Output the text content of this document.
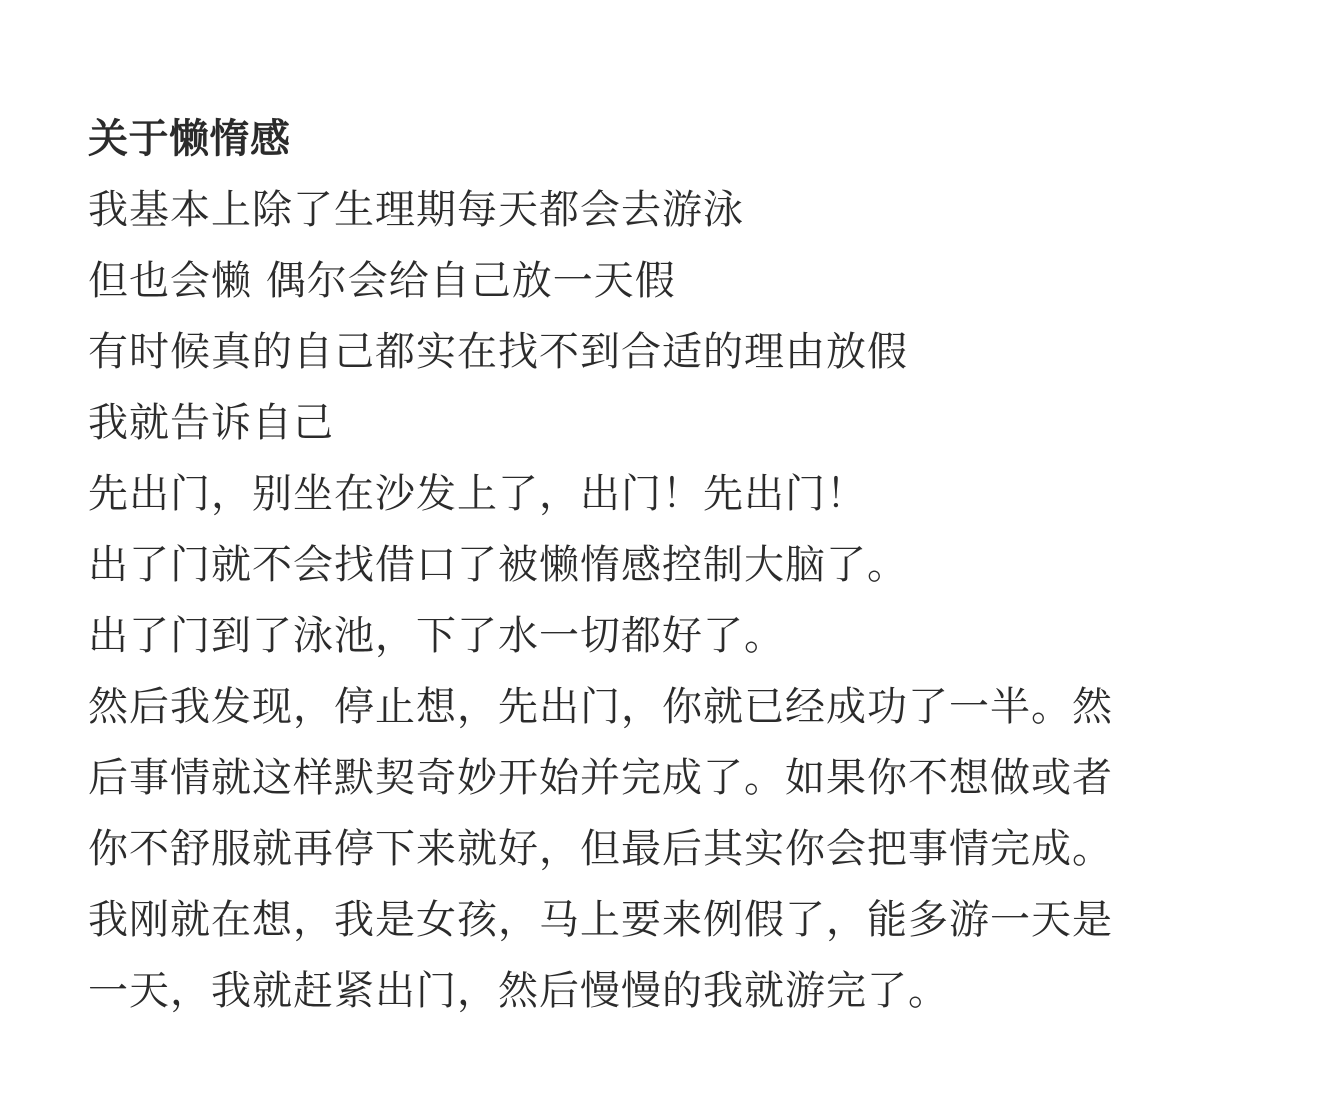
关于懒惰感

我基本上除了生理期每天都会去游泳

但也会懒 偶尔会给自己放一天假

有时候真的自己都实在找不到合适的理由放假

我就告诉自己

先出门，别坐在沙发上了，出门！先出门！

出了门就不会找借口了被懒惰感控制大脑了。

出了门到了泳池，下了水一切都好了。

然后我发现，停止想，先出门，你就已经成功了一半。然

后事情就这样默契奇妙开始并完成了。如果你不想做或者

你不舒服就再停下来就好，但最后其实你会把事情完成。

我刚就在想，我是女孩，马上要来例假了，能多游一天是

一天，我就赶紧出门，然后慢慢的我就游完了。
